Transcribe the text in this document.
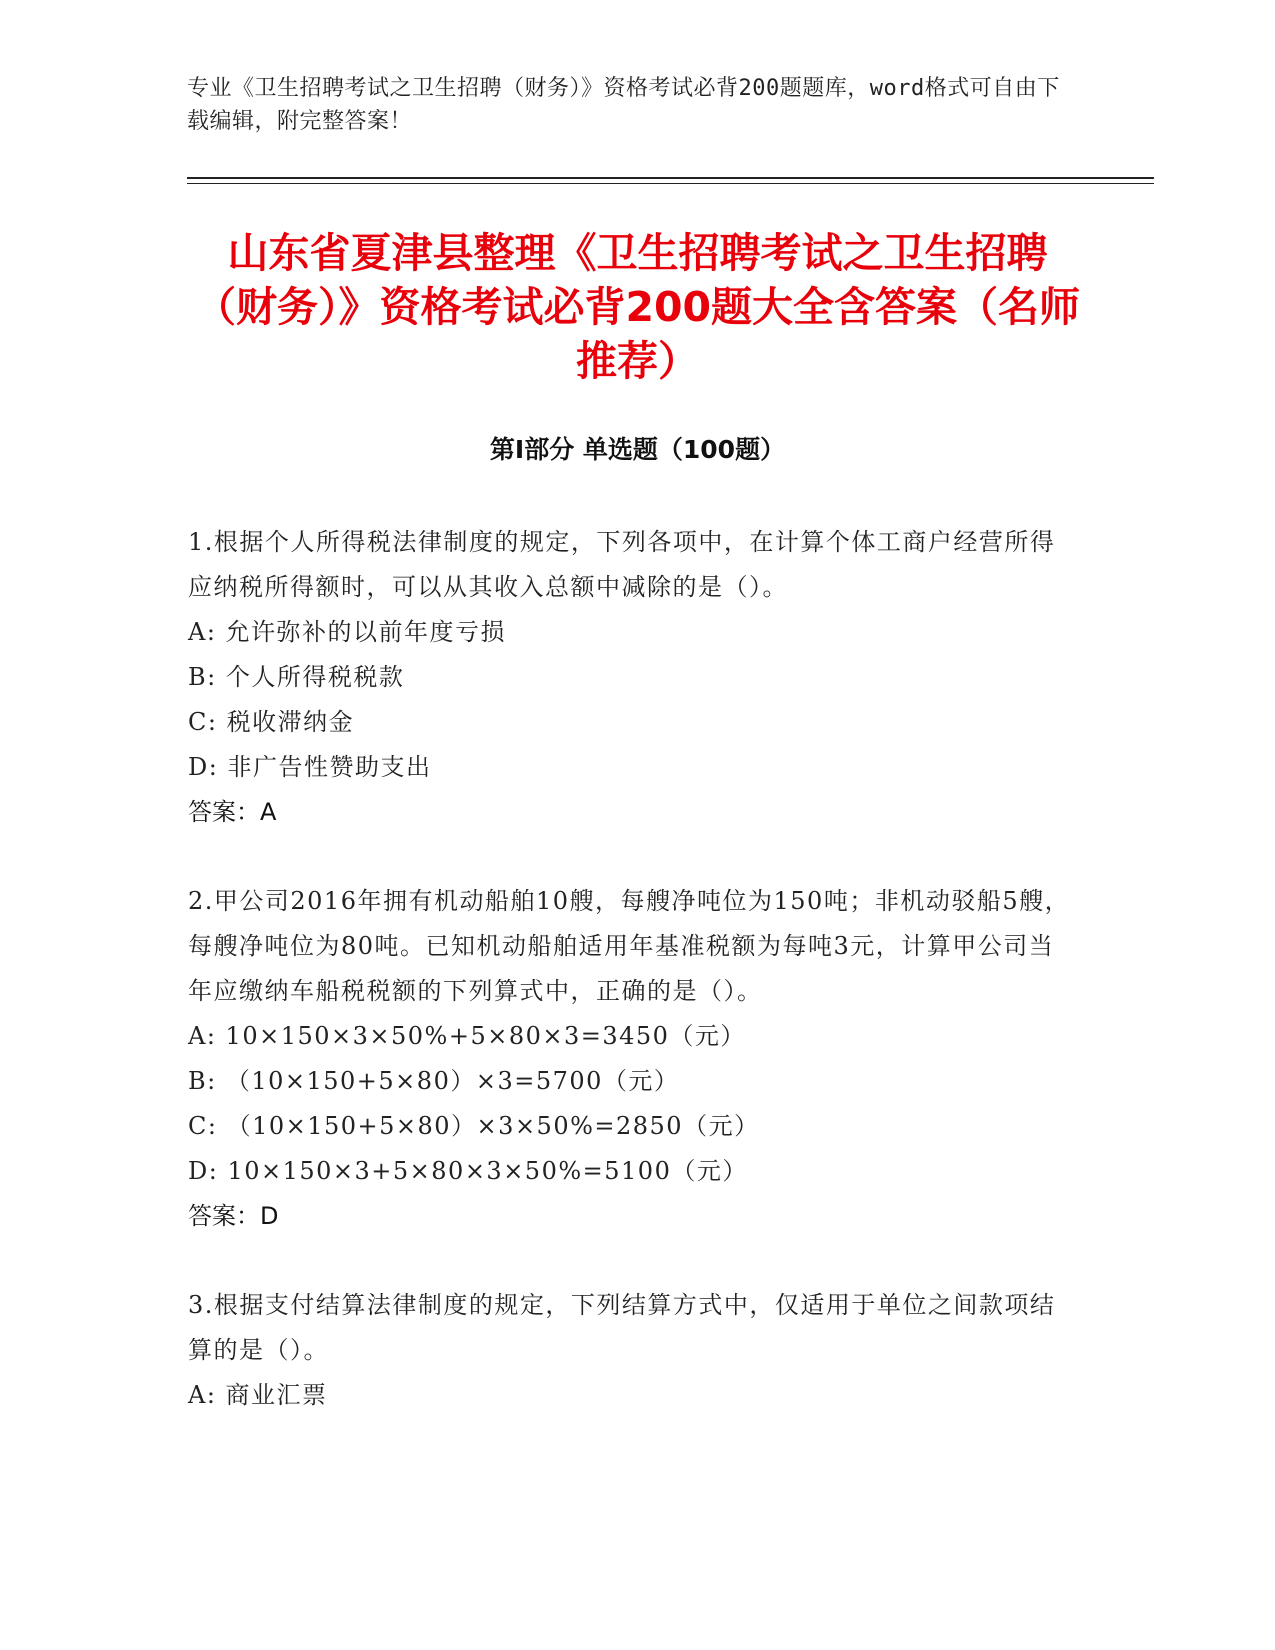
专业《卫生招聘考试之卫生招聘（财务）》资格考试必背200题题库，word格式可自由下载编辑，附完整答案！
山东省夏津县整理《卫生招聘考试之卫生招聘（财务）》资格考试必背200题大全含答案（名师推荐）
第I部分 单选题（100题）
1.根据个人所得税法律制度的规定，下列各项中，在计算个体工商户经营所得应纳税所得额时，可以从其收入总额中减除的是（）。
A: 允许弥补的以前年度亏损
B: 个人所得税税款
C: 税收滞纳金
D: 非广告性赞助支出
答案：A
2.甲公司2016年拥有机动船舶10艘，每艘净吨位为150吨；非机动驳船5艘，每艘净吨位为80吨。已知机动船舶适用年基准税额为每吨3元，计算甲公司当年应缴纳车船税税额的下列算式中，正确的是（）。
A: 10×150×3×50%+5×80×3=3450（元）
B: （10×150+5×80）×3=5700（元）
C: （10×150+5×80）×3×50%=2850（元）
D: 10×150×3+5×80×3×50%=5100（元）
答案：D
3.根据支付结算法律制度的规定，下列结算方式中，仅适用于单位之间款项结算的是（）。
A: 商业汇票
